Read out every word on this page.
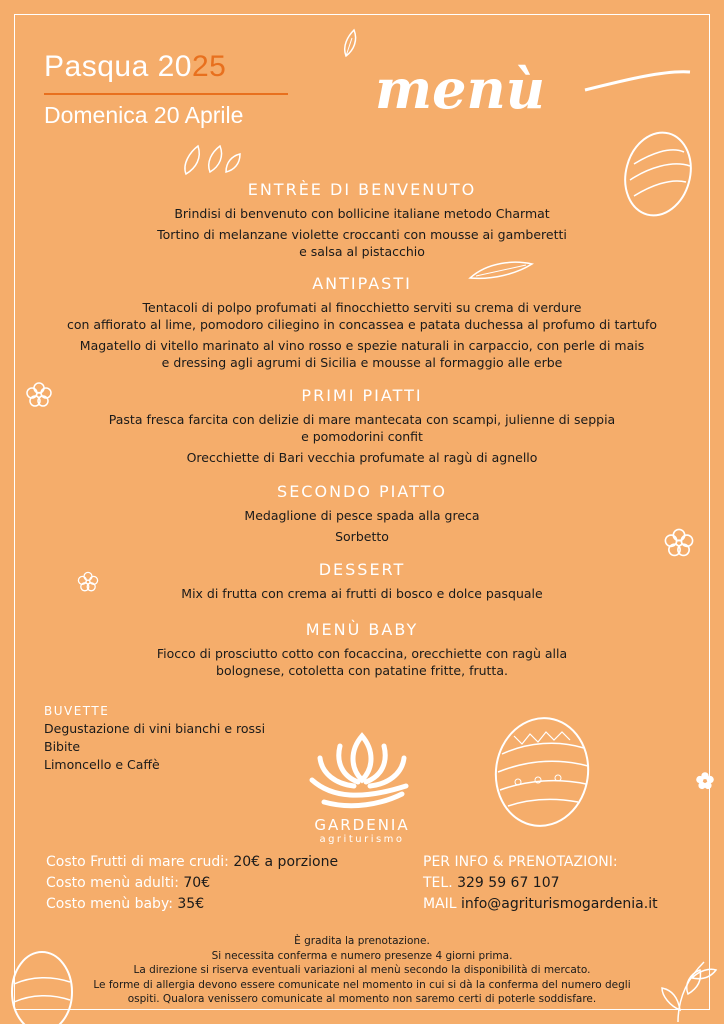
Pasqua 2025
Domenica 20 Aprile menù
ENTRÈE DI BENVENUTO
Brindisi di benvenuto con bollicine italiane metodo Charmat
Tortino di melanzane violette croccanti con mousse ai gamberetti
e salsa al pistacchio
ANTIPASTI
Tentacoli di polpo profumati al finocchietto serviti su crema di verdure
con affiorato al lime, pomodoro ciliegino in concassea e patata duchessa al profumo di tartufo
Magatello di vitello marinato al vino rosso e spezie naturali in carpaccio, con perle di mais
e dressing agli agrumi di Sicilia e mousse al formaggio alle erbe
PRIMI PIATTI
Pasta fresca farcita con delizie di mare mantecata con scampi, julienne di seppia
e pomodorini confit
Orecchiette di Bari vecchia profumate al ragù di agnello
SECONDO PIATTO
Medaglione di pesce spada alla greca
Sorbetto
DESSERT
Mix di frutta con crema ai frutti di bosco e dolce pasquale
MENÙ BABY
Fiocco di prosciutto cotto con focaccina, orecchiette con ragù alla
bolognese, cotoletta con patatine fritte, frutta.
BUVETTE
Degustazione di vini bianchi e rossi
Bibite
Limoncello e Caffè
GARDENIA
agriturismo
Costo Frutti di mare crudi: 20€ a porzione
Costo menù adulti: 70€
Costo menù baby: 35€
PER INFO & PRENOTAZIONI:
TEL. 329 59 67 107
MAIL info@agriturismogardenia.it
È gradita la prenotazione.
Si necessita conferma e numero presenze 4 giorni prima.
La direzione si riserva eventuali variazioni al menù secondo la disponibilità di mercato.
Le forme di allergia devono essere comunicate nel momento in cui si dà la conferma del numero degli
ospiti. Qualora venissero comunicate al momento non saremo certi di poterle soddisfare.
